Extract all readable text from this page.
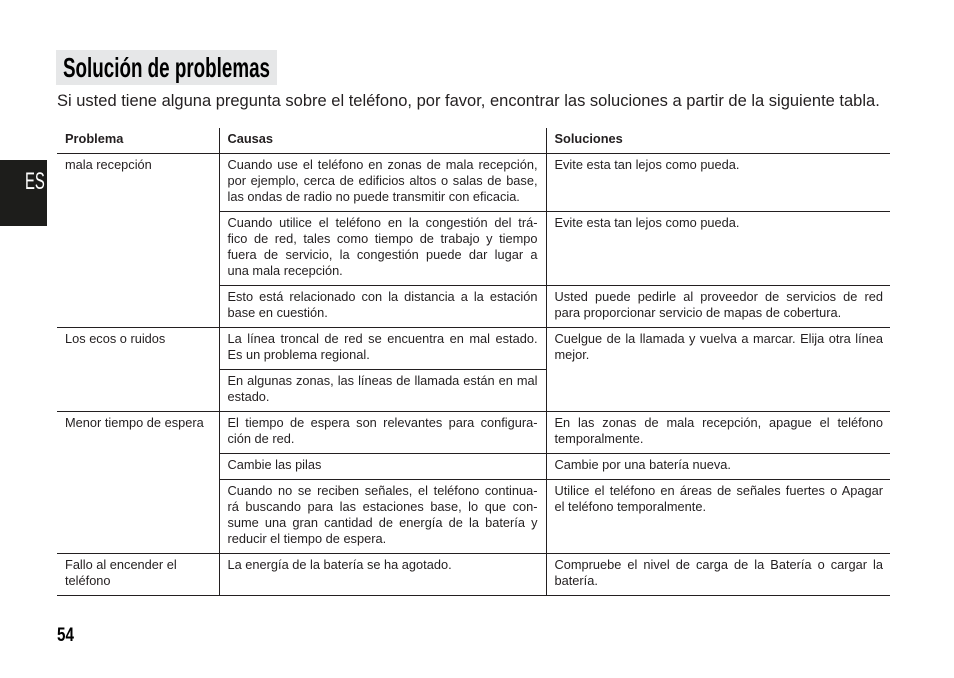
ES
Solución de problemas
Si usted tiene alguna pregunta sobre el teléfono, por favor, encontrar las soluciones a partir de la siguiente tabla.
Problema	Causas	Soluciones

mala recepción	Cuando use el teléfono en zonas de mala recepción,
por ejemplo, cerca de edificios altos o salas de base,
las ondas de radio no puede transmitir con eficacia.	Evite esta tan lejos como pueda.

	Cuando utilice el teléfono en la congestión del trá-
fico de red, tales como tiempo de trabajo y tiempo
fuera de servicio, la congestión puede dar lugar a
una mala recepción.	Evite esta tan lejos como pueda.

	Esto está relacionado con la distancia a la estación
base en cuestión.	Usted puede pedirle al proveedor de servicios de red
para proporcionar servicio de mapas de cobertura.

Los ecos o ruidos	La línea troncal de red se encuentra en mal estado.
Es un problema regional.	Cuelgue de la llamada y vuelva a marcar. Elija otra línea
mejor.

	En algunas zonas, las líneas de llamada están en mal
estado.	

Menor tiempo de espera	El tiempo de espera son relevantes para configura-
ción de red.	En las zonas de mala recepción, apague el teléfono
temporalmente.

	Cambie las pilas	Cambie por una batería nueva.

	Cuando no se reciben señales, el teléfono continua-
rá buscando para las estaciones base, lo que con-
sume una gran cantidad de energía de la batería y
reducir el tiempo de espera.	Utilice el teléfono en áreas de señales fuertes o Apagar
el teléfono temporalmente.

Fallo al encender el
teléfono	La energía de la batería se ha agotado.	Compruebe el nivel de carga de la Batería o cargar la
batería.
54
